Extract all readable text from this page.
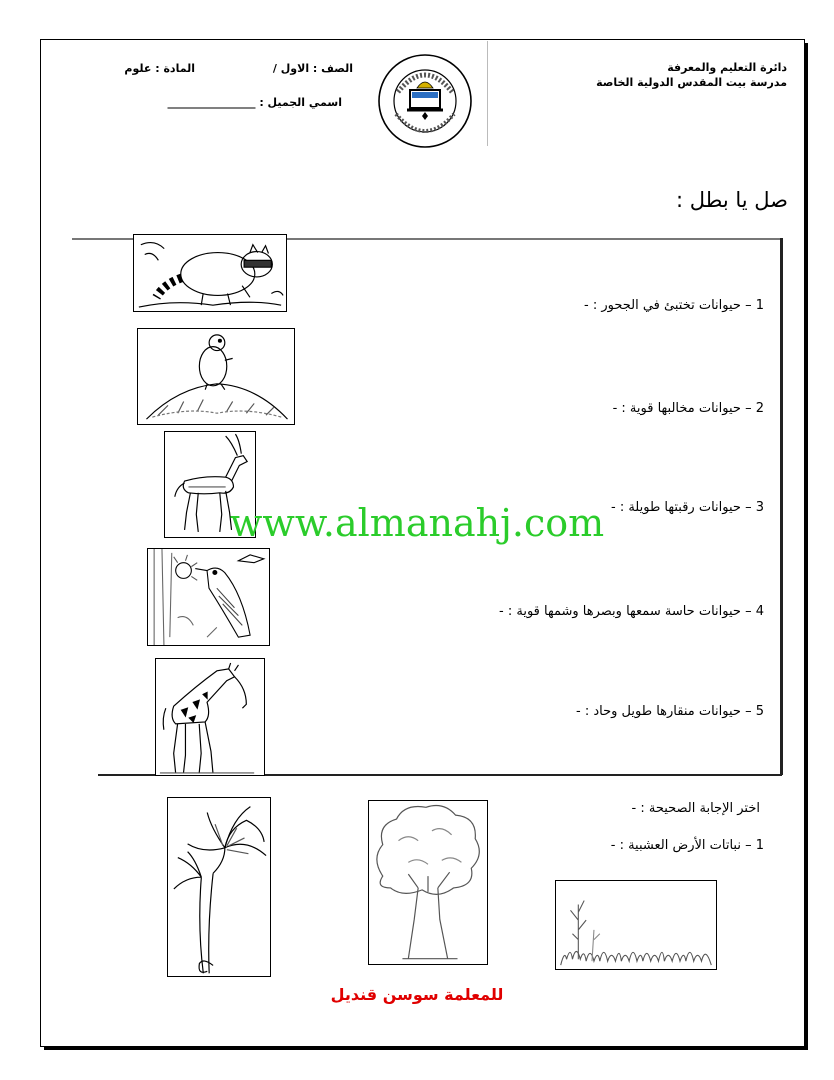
دائرة التعليم والمعرفة
مدرسة بيت المقدس الدولية الخاصة
الصف : الاول /
المادة : علوم
اسمي الجميل : ________________
صل يا بطل :
1 – حيوانات تختبئ في الجحور : -
2 – حيوانات مخالبها قوية : -
3 – حيوانات رقبتها طويلة : -
4 – حيوانات حاسة سمعها وبصرها وشمها قوية : -
5 – حيوانات منقارها طويل وحاد : -
www.almanahj.com
اختر الإجابة الصحيحة : -
1 – نباتات الأرض العشبية : -
للمعلمة سوسن قنديل
